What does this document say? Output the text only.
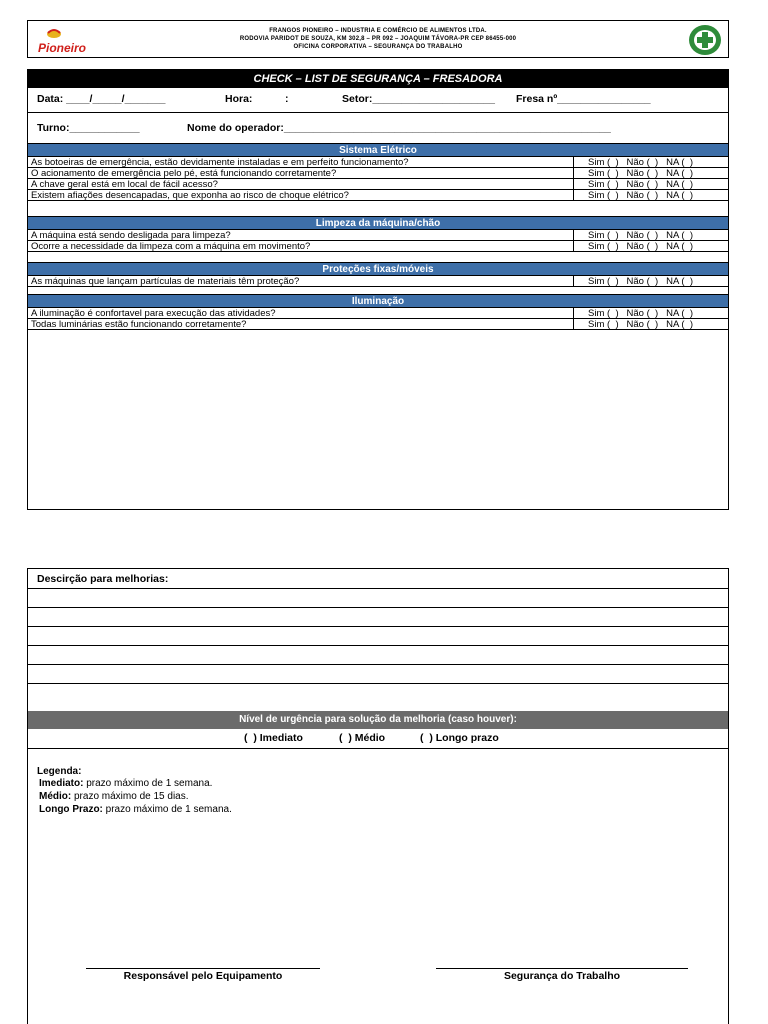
Pioneiro
FRANGOS PIONEIRO – INDUSTRIA E COMÉRCIO DE ALIMENTOS LTDA.
RODOVIA PARIDOT DE SOUZA, KM 302,8 – PR 092 – JOAQUIM TÁVORA-PR CEP 86455-000
OFICINA CORPORATIVA – SEGURANÇA DO TRABALHO
CHECK – LIST DE SEGURANÇA – FRESADORA
Data: ____/_____/_______	Hora:	:	Setor:_____________________ Fresa nº________________
Turno:____________	Nome do operador:________________________________________________________
Sistema Elétrico
As botoeiras de emergência, estão devidamente instaladas e em perfeito funcionamento?	Sim (  )   Não (  )   NA (  )
O acionamento de emergência pelo pé, está funcionando corretamente?	Sim (  )   Não (  )   NA (  )
A chave geral está em local de fácil acesso?	Sim (  )   Não (  )   NA (  )
Existem afiações desencapadas, que exponha ao risco de choque elétrico?	Sim (  )   Não (  )   NA (  )
Limpeza da máquina/chão
A máquina está sendo desligada para limpeza?	Sim (  )   Não (  )   NA (  )
Ocorre a necessidade da limpeza com a máquina em movimento?	Sim (  )   Não (  )   NA (  )
Proteções fixas/móveis
As máquinas que lançam partículas de materiais têm proteção?	Sim (  )   Não (  )   NA (  )
Iluminação
A iluminação é confortavel para execução das atividades?	Sim (  )   Não (  )   NA (  )
Todas luminárias estão funcionando corretamente?	Sim (  )   Não (  )   NA (  )
Descirção para melhorias:
Nível de urgência para solução da melhoria (caso houver):
(  ) Imediato	(  ) Médio	(  ) Longo prazo
Legenda:
Imediato: prazo máximo de 1 semana.
Médio: prazo máximo de 15 dias.
Longo Prazo: prazo máximo de 1 semana.
Responsável pelo Equipamento	Segurança do Trabalho
